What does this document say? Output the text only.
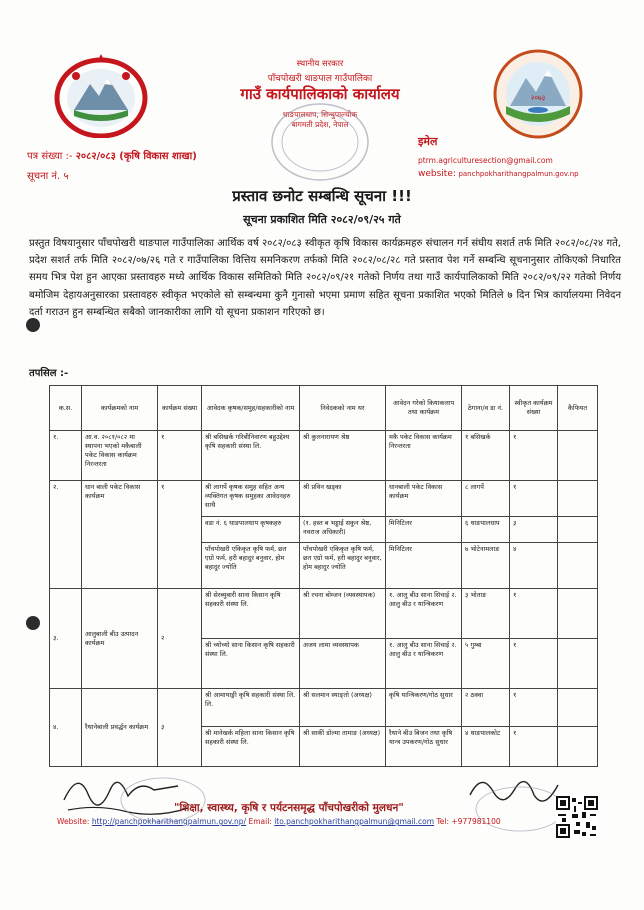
२०७३
स्थानीय सरकार
पाँचपोखरी थाङपाल गाउँपालिका
गाउँ कार्यपालिकाको कार्यालय
थाङपालधाप, सिन्धुपाल्चोक
बागमती प्रदेश, नेपाल
पत्र संख्या :- २०८२/०८३ (कृषि विकास शाखा)
सूचना नं. ५
इमेल
ptrm.agriculturesection@gmail.com
website: panchpokharithangpalmun.gov.np
प्रस्ताव छनोट सम्बन्धि सूचना !!!
सूचना प्रकाशित मिति २०८२/०९/२५ गते
प्रस्तुत विषयानुसार पाँचपोखरी थाङपाल गाउँपालिका आर्थिक वर्ष २०८२/०८३ स्वीकृत कृषि विकास कार्यक्रमहरु संचालन गर्न संघीय सशर्त तर्फ मिति २०८२/०८/२४ गते, प्रदेश सशर्त तर्फ मिति २०८२/०७/२६ गते र गाउँपालिका वित्तिय समनिकरण तर्फको मिति २०८२/०८/२८ गते प्रस्ताव पेश गर्ने सम्बन्धि सूचनानुसार तोकिएको निधारित समय भित्र पेश हुन आएका प्रस्तावहरु मध्ये आर्थिक विकास समितिको मिति २०८२/०९/२१ गतेको निर्णय तथा गाउँ कार्यपालिकाको मिति २०८२/०९/२२ गतेको निर्णय बमोजिम देहायअनुसारका प्रस्तावहरु स्वीकृत भएकोले सो सम्बन्धमा कुनै गुनासो भएमा प्रमाण सहित सूचना प्रकाशित भएको मितिले ७ दिन भित्र कार्यालयमा निवेदन दर्ता गराउन हुन सम्बन्धित सबैको जानकारीका लागि यो सूचना प्रकाशन गरिएको छ।
तपसिल :-
क.स.	कार्यक्रमको नाम	कार्यक्रम संख्या	आवेदक कृषक/समुह/सहकारीको नाम	निवेदकको नाम थर	आवेदन गरेको कियाकलाप तथा कार्यक्रम	ठेगाना/व डा नं.	स्वीकृत कार्यक्रम संख्या	कैफियत
१.	आ.व. २०८१/०८२ मा स्थापना भएको मकैबाली पकेट विकास कार्यक्रम निरन्तरता	१	श्री बसिखर्क गरिबीनिवारण बहुउद्देश्य कृषि सहकारी संस्था लि.	श्री कुलनारायण श्रेष्ठ	मकै पकेट विकास कार्यक्रम निरन्तरता	१ बसिखर्क	१	
२.	धान बाली पकेट विकास कार्यक्रम	१	श्री लागर्पे कृषक समुह सहित अन्य व्यक्तिगत कृषक समुहका आवेदनहरु साथै	श्री प्रविन खड्का	धानबाली पकेट विकास कार्यक्रम	८ लागर्पे	१	
			वडा नं. ६ थाङपालधाप कृषकहरु	(१. हस्त ब भड्डाई सकुन श्रेष्ठ, नवराज अधिकारी)	मिनिटिलर	६ थाङपालधाप	३	
			पाँचपोखरी एकिकृत कृषि फर्म, छत एग्रो फर्म, हरी बहादुर बनुवार, होम बहादुर ज्योति	पाँचपोखरी एकिकृत कृषि फर्म, छत एग्रो फर्म, हरी बहादुर बनुवार, होम बहादुर ज्योति	मिनिटिलर	७ भोटेनामलाङ	४	
३.	आलुबाली बीउ उत्पादन कार्यक्रम	२	श्री सेरब्युबारी साना किसान कृषि सहकारी संस्था लि.	श्री रचना बोम्जन (व्यवस्थापक)	१. आलु बीउ साना सिचाई २. आलु बीउ र यान्त्रिकरण	३ भोताङ	१	
			श्री च्योच्यो साना किसान कृषि सहकारी संस्था लि.	अजय लामा व्यवस्थापक	१. आलु बीउ साना सिचाई २. आलु बीउ र यान्त्रिकरण	५ गुम्बा	१	
४.	रैथानेबाली प्रवर्द्धन कार्यक्रम	३	श्री आमायाङ्री कृषि सहकारी संस्था लि. लि.	श्री सलमान स्याङ्तो (अध्यक्ष)	कृषि यान्त्रिकरण/गोठ सुधार	२ ठक्वा	१	
			श्री मानेखर्क महिला साना किसान कृषि सहकारी संस्था लि.	श्री साकीं डोल्मा तामाङ (अध्यक्ष)	रैथाने बीउ बिजन तथा कृषि यान्त्र उपकरण/गोठ सुधार	४ थाङपालकोट	१	
"शिक्षा, स्वास्थ्य, कृषि र पर्यटनसमृद्ध पाँचपोखरीको मुलधन"
Website: http://panchpokharithangpalmun.gov.np/ Email: ito.panchpokharithangpalmun@gmail.com Tel: +977981100
